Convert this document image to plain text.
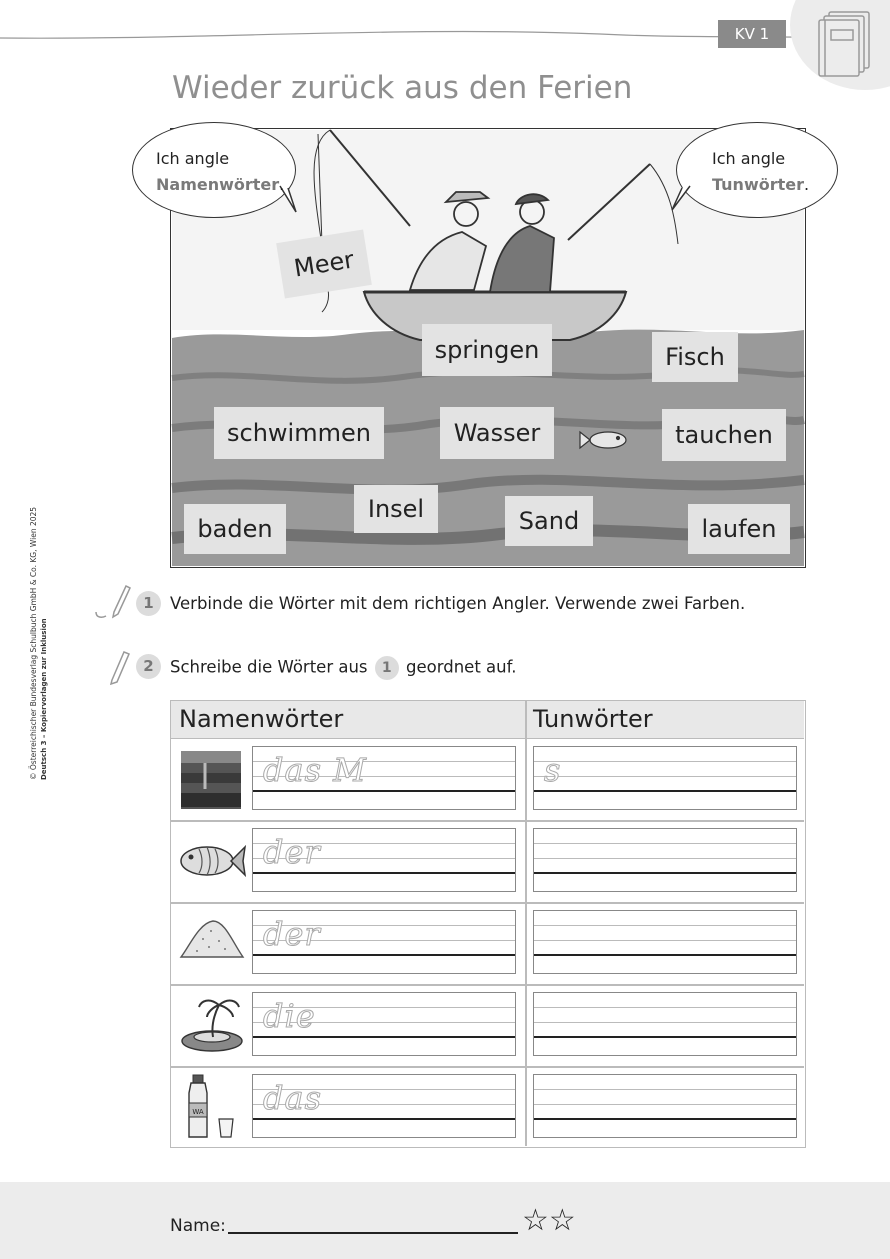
KV 1
Wieder zurück aus den Ferien
© Österreichischer Bundesverlag Schulbuch GmbH & Co. KG, Wien 2025 Deutsch 3 – Kopiervorlagen zur Inklusion
Ich angle
Namenwörter.
Ich angle
Tunwörter.
Meer
springen	Fisch
schwimmen	Wasser	tauchen
Insel	Sand
baden	laufen
1 Verbinde die Wörter mit dem richtigen Angler. Verwende zwei Farben.
2 Schreibe die Wörter aus 1 geordnet auf.
Namenwörter	Tunwörter
das M	s
der
der
die
WA das
Name:	☆☆
